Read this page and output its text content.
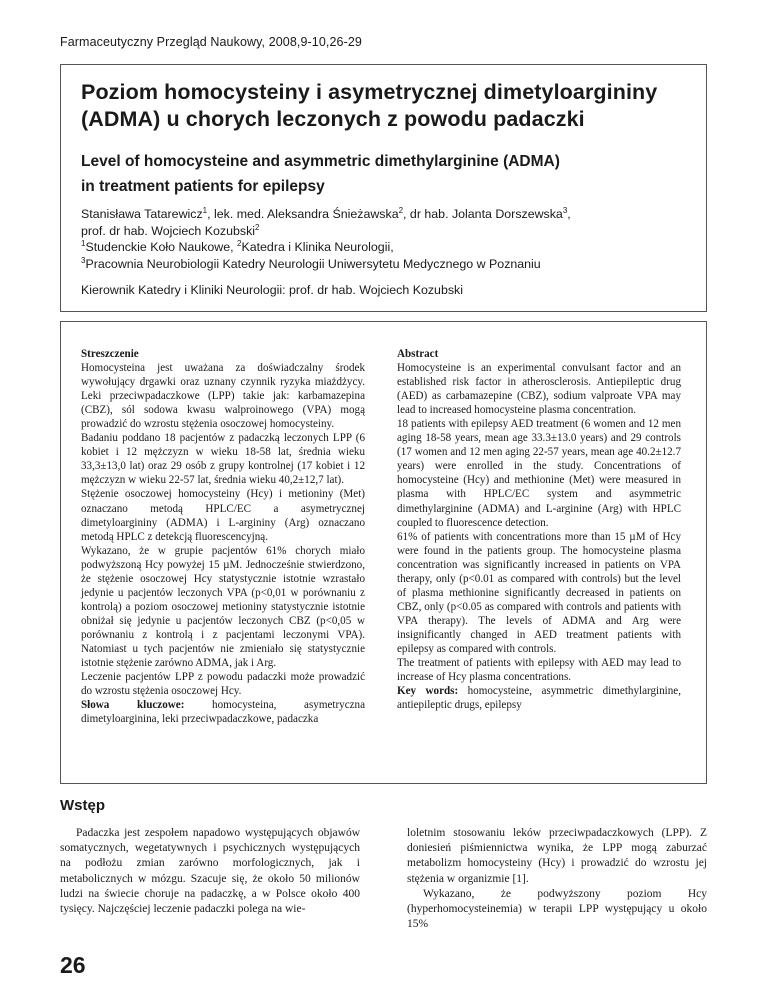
Farmaceutyczny Przegląd Naukowy, 2008,9-10,26-29
Poziom homocysteiny i asymetrycznej dimetyloargininy (ADMA) u chorych leczonych z powodu padaczki
Level of homocysteine and asymmetric dimethylarginine (ADMA)
in treatment patients for epilepsy
Stanisława Tatarewicz$^1$, lek. med. Aleksandra Śnieżawska$^2$, dr hab. Jolanta Dorszewska$^3$,
prof. dr hab. Wojciech Kozubski$^2$
$^1$Studenckie Koło Naukowe, $^2$Katedra i Klinika Neurologii,
$^3$Pracownia Neurobiologii Katedry Neurologii Uniwersytetu Medycznego w Poznaniu
Kierownik Katedry i Kliniki Neurologii: prof. dr hab. Wojciech Kozubski

Streszczenie

Homocysteina jest uważana za doświadczalny środek wywołujący drgawki oraz uznany czynnik ryzyka miażdżycy. Leki przeciwpadaczkowe (LPP) takie jak: karbamazepina (CBZ), sól sodowa kwasu walproinowego (VPA) mogą prowadzić do wzrostu stężenia osoczowej homocysteiny.

Badaniu poddano 18 pacjentów z padaczką leczonych LPP (6 kobiet i 12 mężczyzn w wieku 18-58 lat, średnia wieku 33,3±13,0 lat) oraz 29 osób z grupy kontrolnej (17 kobiet i 12 mężczyzn w wieku 22-57 lat, średnia wieku 40,2±12,7 lat).

Stężenie osoczowej homocysteiny (Hcy) i metioniny (Met) oznaczano metodą HPLC/EC a asymetrycznej dimetyloargininy (ADMA) i L-argininy (Arg) oznaczano metodą HPLC z detekcją fluorescencyjną.

Wykazano, że w grupie pacjentów 61% chorych miało podwyższoną Hcy powyżej 15 µM. Jednocześnie stwierdzono, że stężenie osoczowej Hcy statystycznie istotnie wzrastało jedynie u pacjentów leczonych VPA (p<0,01 w porównaniu z kontrolą) a poziom osoczowej metioniny statystycznie istotnie obniżał się jedynie u pacjentów leczonych CBZ (p<0,05 w porównaniu z kontrolą i z pacjentami leczonymi VPA). Natomiast u tych pacjentów nie zmieniało się statystycznie istotnie stężenie zarówno ADMA, jak i Arg.

Leczenie pacjentów LPP z powodu padaczki może prowadzić do wzrostu stężenia osoczowej Hcy.

Słowa kluczowe: homocysteina, asymetryczna dimetyloarginina, leki przeciwpadaczkowe, padaczka

Abstract

Homocysteine is an experimental convulsant factor and an established risk factor in atherosclerosis. Antiepileptic drug (AED) as carbamazepine (CBZ), sodium valproate VPA may lead to increased homocysteine plasma concentration.

18 patients with epilepsy AED treatment (6 women and 12 men aging 18-58 years, mean age 33.3±13.0 years) and 29 controls (17 women and 12 men aging 22-57 years, mean age 40.2±12.7 years) were enrolled in the study. Concentrations of homocysteine (Hcy) and methionine (Met) were measured in plasma with HPLC/EC system and asymmetric dimethylarginine (ADMA) and L-arginine (Arg) with HPLC coupled to fluorescence detection.

61% of patients with concentrations more than 15 µM of Hcy were found in the patients group. The homocysteine plasma concentration was significantly increased in patients on VPA therapy, only (p<0.01 as compared with controls) but the level of plasma methionine significantly decreased in patients on CBZ, only (p<0.05 as compared with controls and patients with VPA therapy). The levels of ADMA and Arg were insignificantly changed in AED treatment patients with epilepsy as compared with controls.

The treatment of patients with epilepsy with AED may lead to increase of Hcy plasma concentrations.

Key words: homocysteine, asymmetric dimethylarginine, antiepileptic drugs, epilepsy

Wstęp

Padaczka jest zespołem napadowo występujących objawów somatycznych, wegetatywnych i psychicznych występujących na podłożu zmian zarówno morfologicznych, jak i metabolicznych w mózgu. Szacuje się, że około 50 milionów ludzi na świecie choruje na padaczkę, a w Polsce około 400 tysięcy. Najczęściej leczenie padaczki polega na wie-

loletnim stosowaniu leków przeciwpadaczkowych (LPP). Z doniesień piśmiennictwa wynika, że LPP mogą zaburzać metabolizm homocysteiny (Hcy) i prowadzić do wzrostu jej stężenia w organizmie [1].

Wykazano, że podwyższony poziom Hcy (hyperhomocysteinemia) w terapii LPP występujący u około 15%

26
